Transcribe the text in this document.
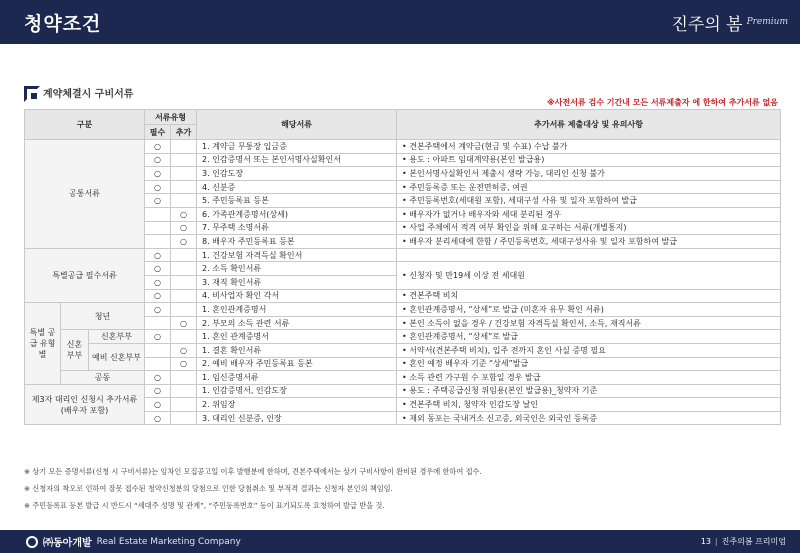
청약조건	진주의 봄 Premium
계약체결시 구비서류
※사전서류 검수 기간내 모든 서류제출자 에 한하여 추가서류 없음
구분			서류유형		해당서류	추가서류 제출대상 및 유의사항
			필수	추가		
공통서류			○		1. 계약금 무통장 입금증	• 견본주택에서 계약금(현금 및 수표) 수납 불가
			○		2. 인감증명서 또는 본인서명사실확인서	• 용도 : 아파트 임대계약용(본인 발급용)
			○		3. 인감도장	• 본인서명사실확인서 제출시 생략 가능, 대리인 신청 불가
			○		4. 신분증	• 주민등록증 또는 운전면허증, 여권
			○		5. 주민등록표 등본	• 주민등록번호(세대원 포함), 세대구성 사유 및 일자 포함하여 발급
				○	6. 가족관계증명서(상세)	• 배우자가 없거나 배우자와 세대 분리된 경우
				○	7. 무주택 소명서류	• 사업 주체에서 적격 여부 확인을 위해 요구하는 서류(개별통지)
				○	8. 배우자 주민등록표 등본	• 배우자 분리세대에 한함 / 주민등록번호, 세대구성사유 및 일자 포함하여 발급
특별공급 필수서류			○		1. 건강보험 자격득실 확인서	
			○		2. 소득 확인서류	• 신청자 및 만19세 이상 전 세대원
			○		3. 재직 확인서류	
			○		4. 비사업자 확인 각서	• 견본주택 비치
특별 공급 유형별	청년		○		1. 혼인관계증명서	• 혼인관계증명서, “상세”로 발급 (미혼자 유무 확인 서류)
				○	2. 부모의 소득 관련 서류	• 본인 소득이 없을 경우 / 건강보험 자격득실 확인서, 소득, 재직서류
	신혼 부부	신혼부부	○		1. 혼인 관계증명서	• 혼인관계증명서, “상세”로 발급
		예비 신혼부부		○	1. 결혼 확인서류	• 서약서(견본주택 비치), 입주 전까지 혼인 사실 증명 필요
				○	2. 예비 배우자 주민등록표 등본	• 혼인 예정 배우자 기준 “상세”발급
	공동		○		1. 임신증명서류	• 소득 관련 가구원 수 포함일 경우 발급
제3자 대리인 신청시 추가서류 (배우자 포함)			○		1. 인감증명서, 인감도장	• 용도 : 주택공급신청 위임용(본인 발급용)_청약자 기준
			○		2. 위임장	• 견본주택 비치, 청약자 인감도장 날인
			○		3. 대리인 신분증, 인장	• 재외 동포는 국내거소 신고증, 외국인은 외국인 등록증
※ 상기 모든 증명서류(신청 시 구비서류)는 임차인 모집공고일 이후 발행분에 한하며, 견본주택에서는 상기 구비사항이 완비된 경우에 한하여 접수.
※ 신청자의 착오로 인하여 잘못 접수된 청약신청분의 당첨으로 인한 당첨취소 및 부적격 결과는 신청자 본인의 책임임.
※ 주민등록표 등본 발급 시 반드시 “세대주 성명 및 관계”, “주민등록번호” 등이 표기되도록 요청하여 발급 받을 것.
㈜동아개발 Real Estate Marketing Company	13 | 진주의봄 프리미엄
